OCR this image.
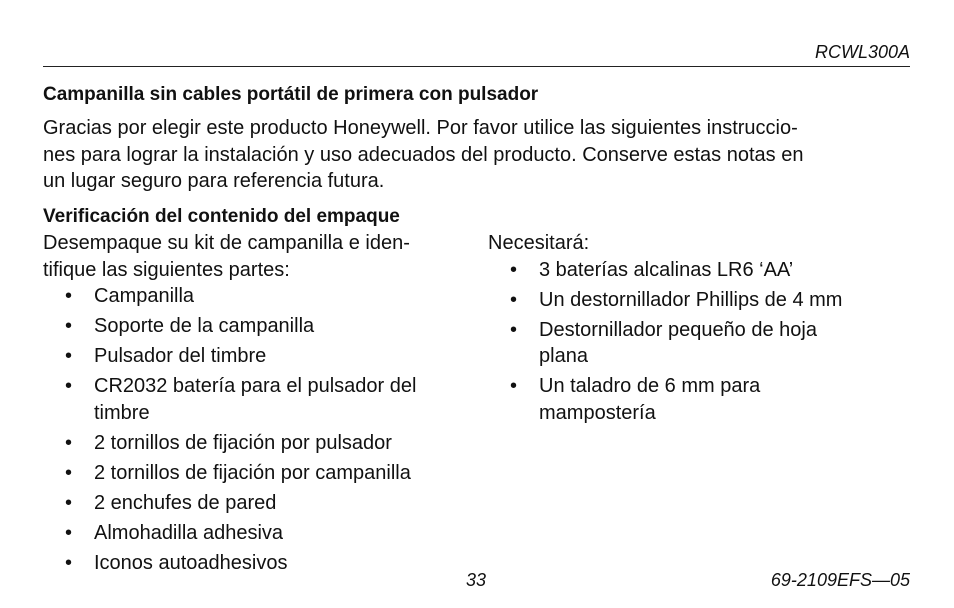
RCWL300A
Campanilla sin cables portátil de primera con pulsador

Gracias por elegir este producto Honeywell. Por favor utilice las siguientes instruccio-
nes para lograr la instalación y uso adecuados del producto. Conserve estas notas en
un lugar seguro para referencia futura.

Verificación del contenido del empaque

Desempaque su kit de campanilla e iden-
tifique las siguientes partes:

• Campanilla
• Soporte de la campanilla
• Pulsador del timbre
• CR2032 batería para el pulsador del
timbre
• 2 tornillos de fijación por pulsador
• 2 tornillos de fijación por campanilla
• 2 enchufes de pared
• Almohadilla adhesiva
• Iconos autoadhesivos

Necesitará:

• 3 baterías alcalinas LR6 ‘AA’
• Un destornillador Phillips de 4 mm
• Destornillador pequeño de hoja
plana
• Un taladro de 6 mm para
mampostería
33	69-2109EFS—05
